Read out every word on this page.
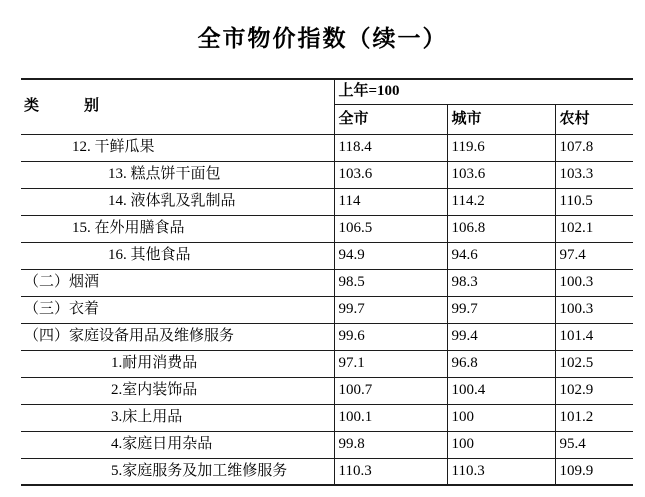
全市物价指数（续一）
类            别	上年=100		
	全市	城市	农村
12. 干鲜瓜果	118.4	119.6	107.8
13. 糕点饼干面包	103.6	103.6	103.3
14. 液体乳及乳制品	114	114.2	110.5
15. 在外用膳食品	106.5	106.8	102.1
16. 其他食品	94.9	94.6	97.4
（二）烟酒	98.5	98.3	100.3
（三）衣着	99.7	99.7	100.3
（四）家庭设备用品及维修服务	99.6	99.4	101.4
1.耐用消费品	97.1	96.8	102.5
2.室内装饰品	100.7	100.4	102.9
3.床上用品	100.1	100	101.2
4.家庭日用杂品	99.8	100	95.4
5.家庭服务及加工维修服务	110.3	110.3	109.9
